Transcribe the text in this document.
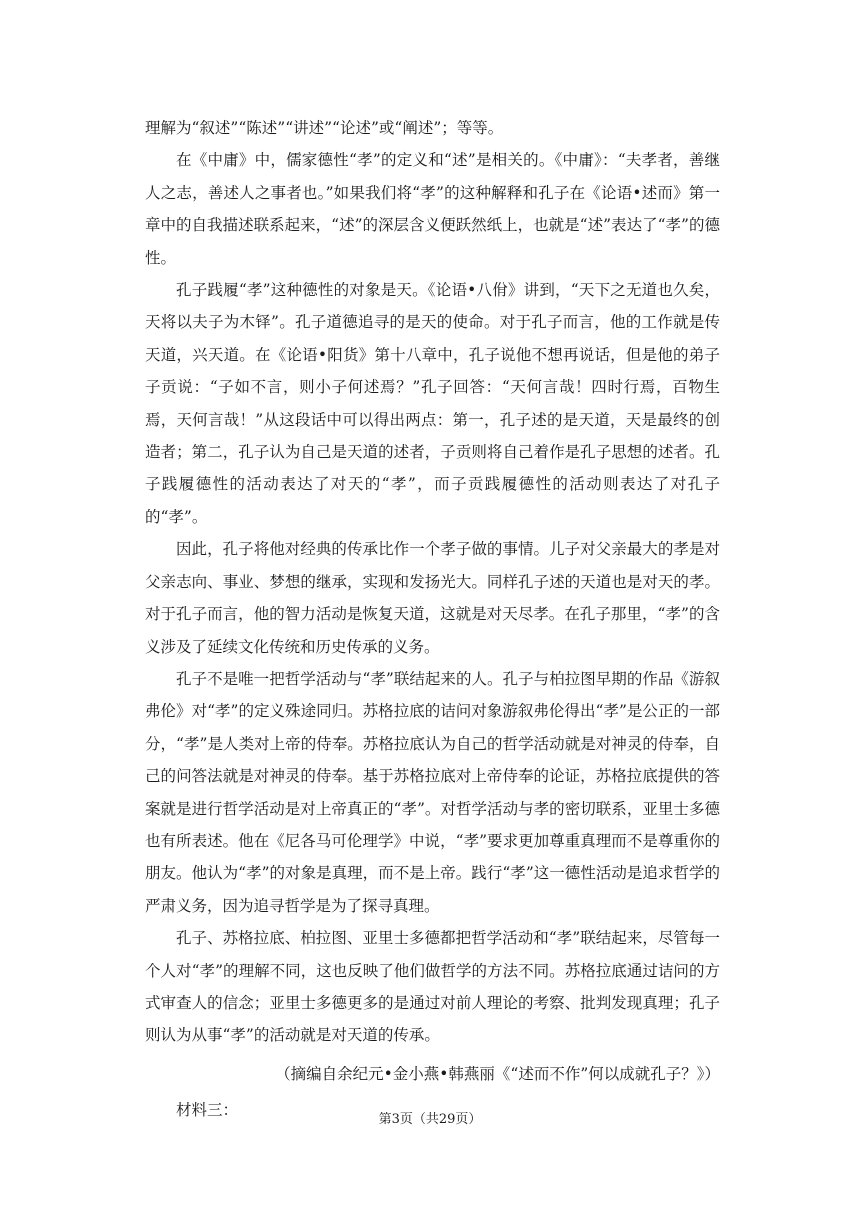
理解为“叙述”“陈述”“讲述”“论述”或“阐述”；等等。

在《中庸》中，儒家德性“孝”的定义和“述”是相关的。《中庸》：“夫孝者，善继人之志，善述人之事者也。”如果我们将“孝”的这种解释和孔子在《论语•述而》第一章中的自我描述联系起来，“述”的深层含义便跃然纸上，也就是“述”表达了“孝”的德性。

孔子践履“孝”这种德性的对象是天。《论语•八佾》讲到，“天下之无道也久矣，天将以夫子为木铎”。孔子道德追寻的是天的使命。对于孔子而言，他的工作就是传天道，兴天道。在《论语•阳货》第十八章中，孔子说他不想再说话，但是他的弟子子贡说：“子如不言，则小子何述焉？”孔子回答：“天何言哉！四时行焉，百物生焉，天何言哉！”从这段话中可以得出两点：第一，孔子述的是天道，天是最终的创造者；第二，孔子认为自己是天道的述者，子贡则将自己着作是孔子思想的述者。孔子践履德性的活动表达了对天的“孝”，而子贡践履德性的活动则表达了对孔子的“孝”。

因此，孔子将他对经典的传承比作一个孝子做的事情。儿子对父亲最大的孝是对父亲志向、事业、梦想的继承，实现和发扬光大。同样孔子述的天道也是对天的孝。对于孔子而言，他的智力活动是恢复天道，这就是对天尽孝。在孔子那里，“孝”的含义涉及了延续文化传统和历史传承的义务。

孔子不是唯一把哲学活动与“孝”联结起来的人。孔子与柏拉图早期的作品《游叙弗伦》对“孝”的定义殊途同归。苏格拉底的诘问对象游叙弗伦得出“孝”是公正的一部分，“孝”是人类对上帝的侍奉。苏格拉底认为自己的哲学活动就是对神灵的侍奉，自己的问答法就是对神灵的侍奉。基于苏格拉底对上帝侍奉的论证，苏格拉底提供的答案就是进行哲学活动是对上帝真正的“孝”。对哲学活动与孝的密切联系，亚里士多德也有所表述。他在《尼各马可伦理学》中说，“孝”要求更加尊重真理而不是尊重你的朋友。他认为“孝”的对象是真理，而不是上帝。践行“孝”这一德性活动是追求哲学的严肃义务，因为追寻哲学是为了探寻真理。

孔子、苏格拉底、柏拉图、亚里士多德都把哲学活动和“孝”联结起来，尽管每一个人对“孝”的理解不同，这也反映了他们做哲学的方法不同。苏格拉底通过诘问的方式审查人的信念；亚里士多德更多的是通过对前人理论的考察、批判发现真理；孔子则认为从事“孝”的活动就是对天道的传承。

（摘编自余纪元•金小燕•韩燕丽《“述而不作”何以成就孔子？》）

材料三：

第3页（共29页）
